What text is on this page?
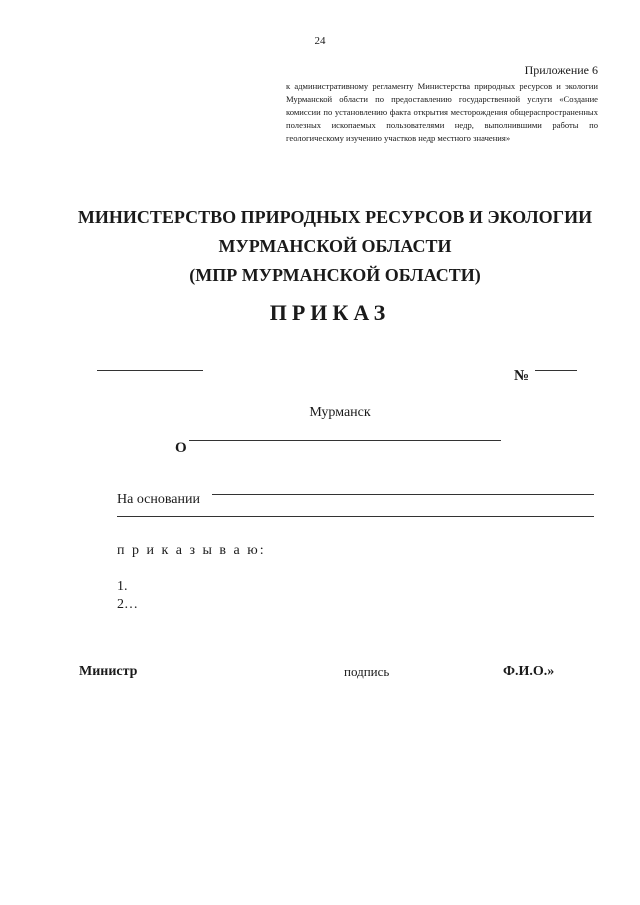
24
Приложение 6
к административному регламенту Министерства природных ресурсов и экологии Мурманской области по предоставлению государственной услуги «Создание комиссии по установлению факта открытия месторождения общераспространенных полезных ископаемых пользователями недр, выполнившими работы по геологическому изучению участков недр местного значения»
МИНИСТЕРСТВО ПРИРОДНЫХ РЕСУРСОВ И ЭКОЛОГИИ
МУРМАНСКОЙ ОБЛАСТИ
(МПР МУРМАНСКОЙ ОБЛАСТИ)
ПРИКАЗ
№
Мурманск
О
На основании
п р и к а з ы в а ю:
1.
2…
Министр	подпись	Ф.И.О.»
